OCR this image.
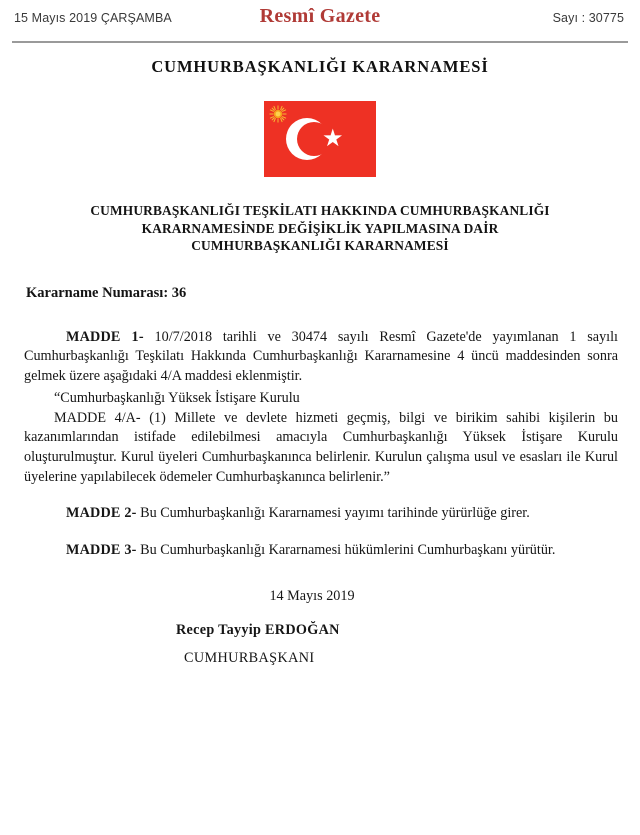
15 Mayıs 2019 ÇARŞAMBA	Resmî Gazete	Sayı : 30775
CUMHURBAŞKANLIĞI KARARNAMESİ
★
CUMHURBAŞKANLIĞI TEŞKİLATI HAKKINDA CUMHURBAŞKANLIĞI
KARARNAMESİNDE DEĞİŞİKLİK YAPILMASINA DAİR
CUMHURBAŞKANLIĞI KARARNAMESİ
Kararname Numarası: 36

MADDE 1- 10/7/2018 tarihli ve 30474 sayılı Resmî Gazete'de yayımlanan 1 sayılı Cumhurbaşkanlığı Teşkilatı Hakkında Cumhurbaşkanlığı Kararnamesine 4 üncü maddesinden sonra gelmek üzere aşağıdaki 4/A maddesi eklenmiştir.

“Cumhurbaşkanlığı Yüksek İstişare Kurulu

MADDE 4/A- (1) Millete ve devlete hizmeti geçmiş, bilgi ve birikim sahibi kişilerin bu kazanımlarından istifade edilebilmesi amacıyla Cumhurbaşkanlığı Yüksek İstişare Kurulu oluşturulmuştur. Kurul üyeleri Cumhurbaşkanınca belirlenir. Kurulun çalışma usul ve esasları ile Kurul üyelerine yapılabilecek ödemeler Cumhurbaşkanınca belirlenir.”

MADDE 2- Bu Cumhurbaşkanlığı Kararnamesi yayımı tarihinde yürürlüğe girer.

MADDE 3- Bu Cumhurbaşkanlığı Kararnamesi hükümlerini Cumhurbaşkanı yürütür.

14 Mayıs 2019
Recep Tayyip ERDOĞAN
CUMHURBAŞKANI
